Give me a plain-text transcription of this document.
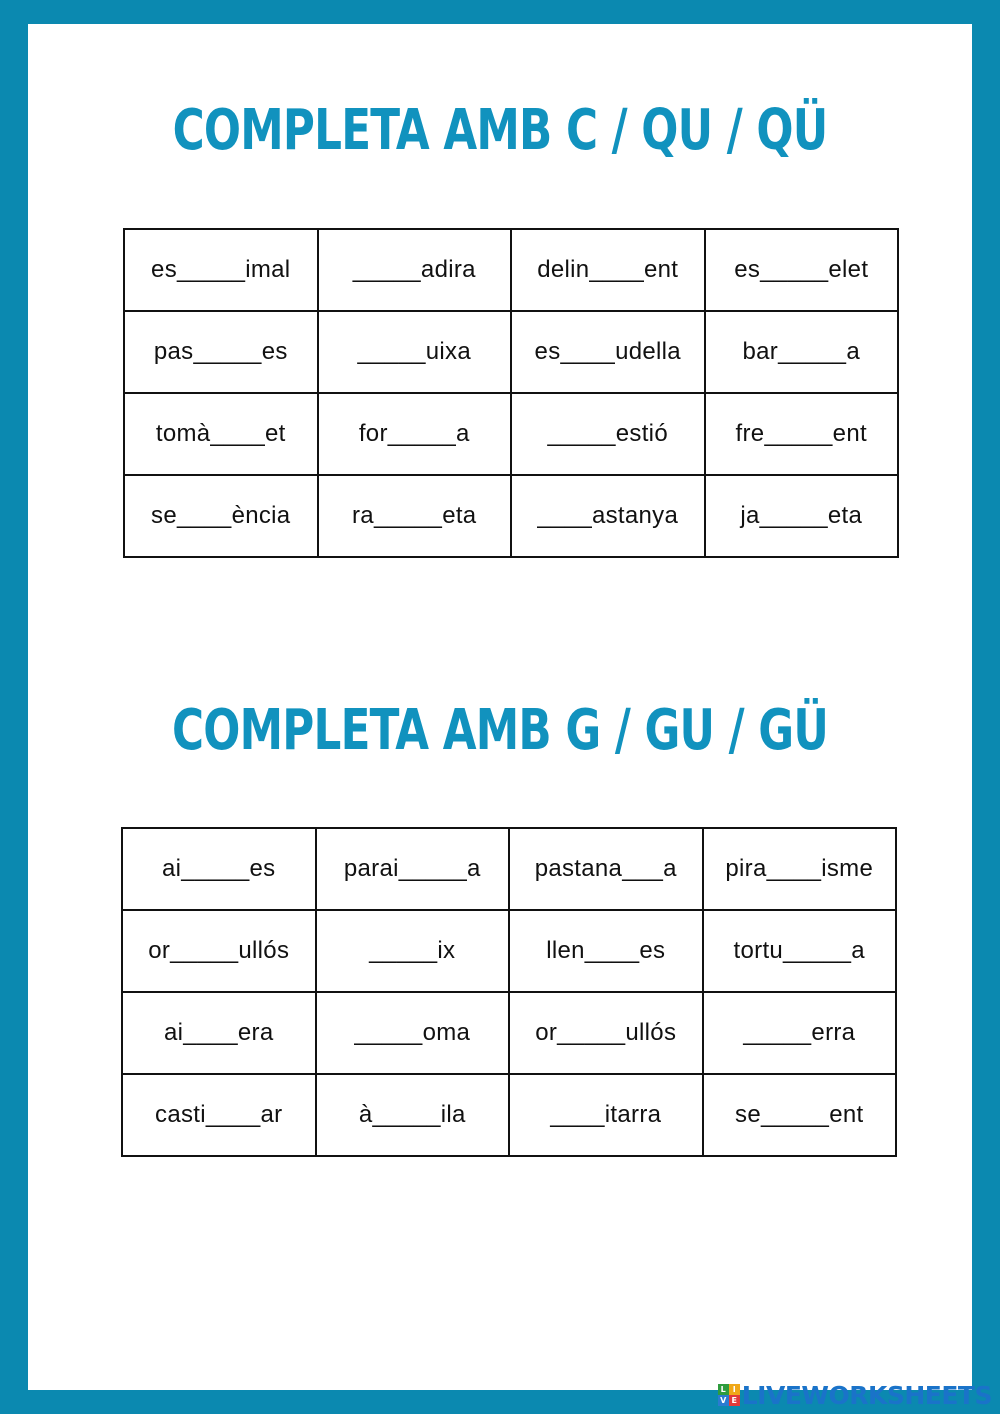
COMPLETA AMB C / QU / QÜ
es_____imal	_____adira	delin____ent	es_____elet
pas_____es	_____uixa	es____udella	bar_____a
tomà____et	for_____a	_____estió	fre_____ent
se____ència	ra_____eta	____astanya	ja_____eta
COMPLETA AMB G / GU / GÜ
ai_____es	parai_____a	pastana___a	pira____isme
or_____ullós	_____ix	llen____es	tortu_____a
ai____era	_____oma	or_____ullós	_____erra
casti____ar	à_____ila	____itarra	se_____ent
L I
V E LIVEWORKSHEETS
